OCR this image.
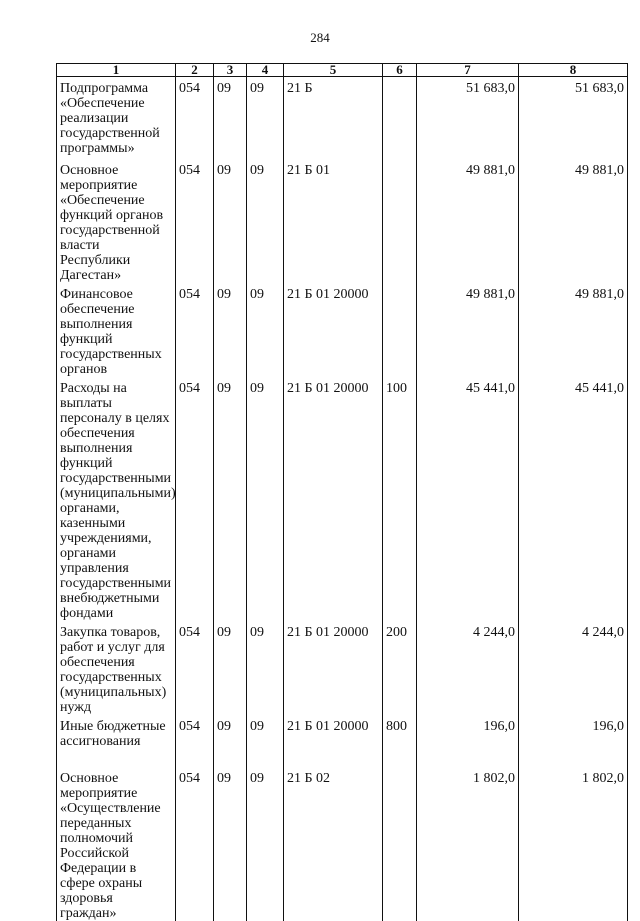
284
1	2	3	4	5	6	7	8
Подпрограмма «Обеспечение реализации государственной программы»	054	09	09	21 Б		51 683,0	51 683,0
Основное мероприятие «Обеспечение функций органов государственной власти Республики Дагестан»	054	09	09	21 Б 01		49 881,0	49 881,0
Финансовое обеспечение выполнения функций государственных органов	054	09	09	21 Б 01 20000		49 881,0	49 881,0
Расходы на выплаты персоналу в целях обеспечения выполнения функций государственными (муниципальными) органами, казенными учреждениями, органами управления государственными внебюджетными фондами	054	09	09	21 Б 01 20000	100	45 441,0	45 441,0
Закупка товаров, работ и услуг для обеспечения государственных (муниципальных) нужд	054	09	09	21 Б 01 20000	200	4 244,0	4 244,0
Иные бюджетные ассигнования	054	09	09	21 Б 01 20000	800	196,0	196,0
Основное мероприятие «Осуществление переданных полномочий Российской Федерации в сфере охраны здоровья граждан»	054	09	09	21 Б 02		1 802,0	1 802,0
